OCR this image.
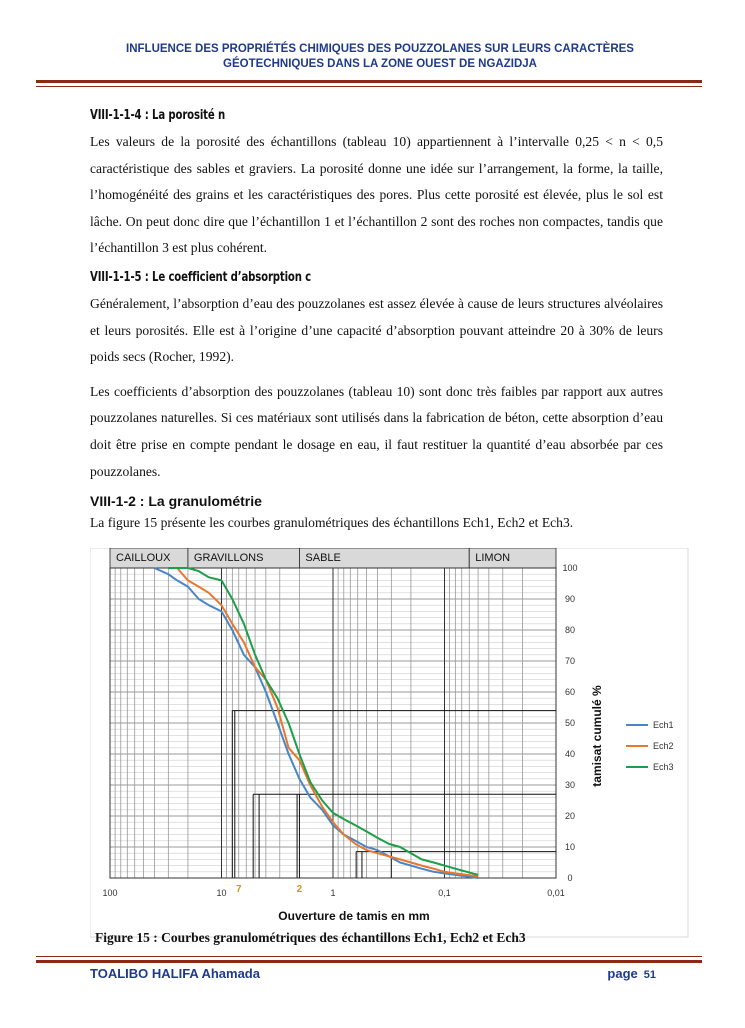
INFLUENCE DES PROPRIÉTÉS CHIMIQUES DES POUZZOLANES SUR LEURS CARACTÈRES
GÉOTECHNIQUES DANS LA ZONE OUEST DE NGAZIDJA
VIII-1-1-4 : La porosité n

Les valeurs de la porosité des échantillons (tableau 10) appartiennent à l’intervalle 0,25 < n < 0,5 caractéristique des sables et graviers. La porosité donne une idée sur l’arrangement, la forme, la taille, l’homogénéité des grains et les caractéristiques des pores. Plus cette porosité est élevée, plus le sol est lâche. On peut donc dire que l’échantillon 1 et l’échantillon 2 sont des roches non compactes, tandis que l’échantillon 3 est plus cohérent.

VIII-1-1-5 : Le coefficient d’absorption c

Généralement, l’absorption d’eau des pouzzolanes est assez élevée à cause de leurs structures alvéolaires et leurs porosités. Elle est à l’origine d’une capacité d’absorption pouvant atteindre 20 à 30% de leurs poids secs (Rocher, 1992).

Les coefficients d’absorption des pouzzolanes (tableau 10) sont donc très faibles par rapport aux autres pouzzolanes naturelles. Si ces matériaux sont utilisés dans la fabrication de béton, cette absorption d’eau doit être prise en compte pendant le dosage en eau, il faut restituer la quantité d’eau absorbée par ces pouzzolanes.

VIII-1-2 : La granulométrie

La figure 15 présente les courbes granulométriques des échantillons Ech1, Ech2 et Ech3.

CAILLOUX GRAVILLONS	SABLE	LIMON
100	10	1	0,1	0,01
0
10
20
30
40
50
60
70
80
90
100
7	2
tamisat cumulé %
Ouverture de tamis en mm
Ech1
Ech2
Ech3
Figure 15 : Courbes granulométriques des échantillons Ech1, Ech2 et Ech3
TOALIBO HALIFA Ahamada	page 51
